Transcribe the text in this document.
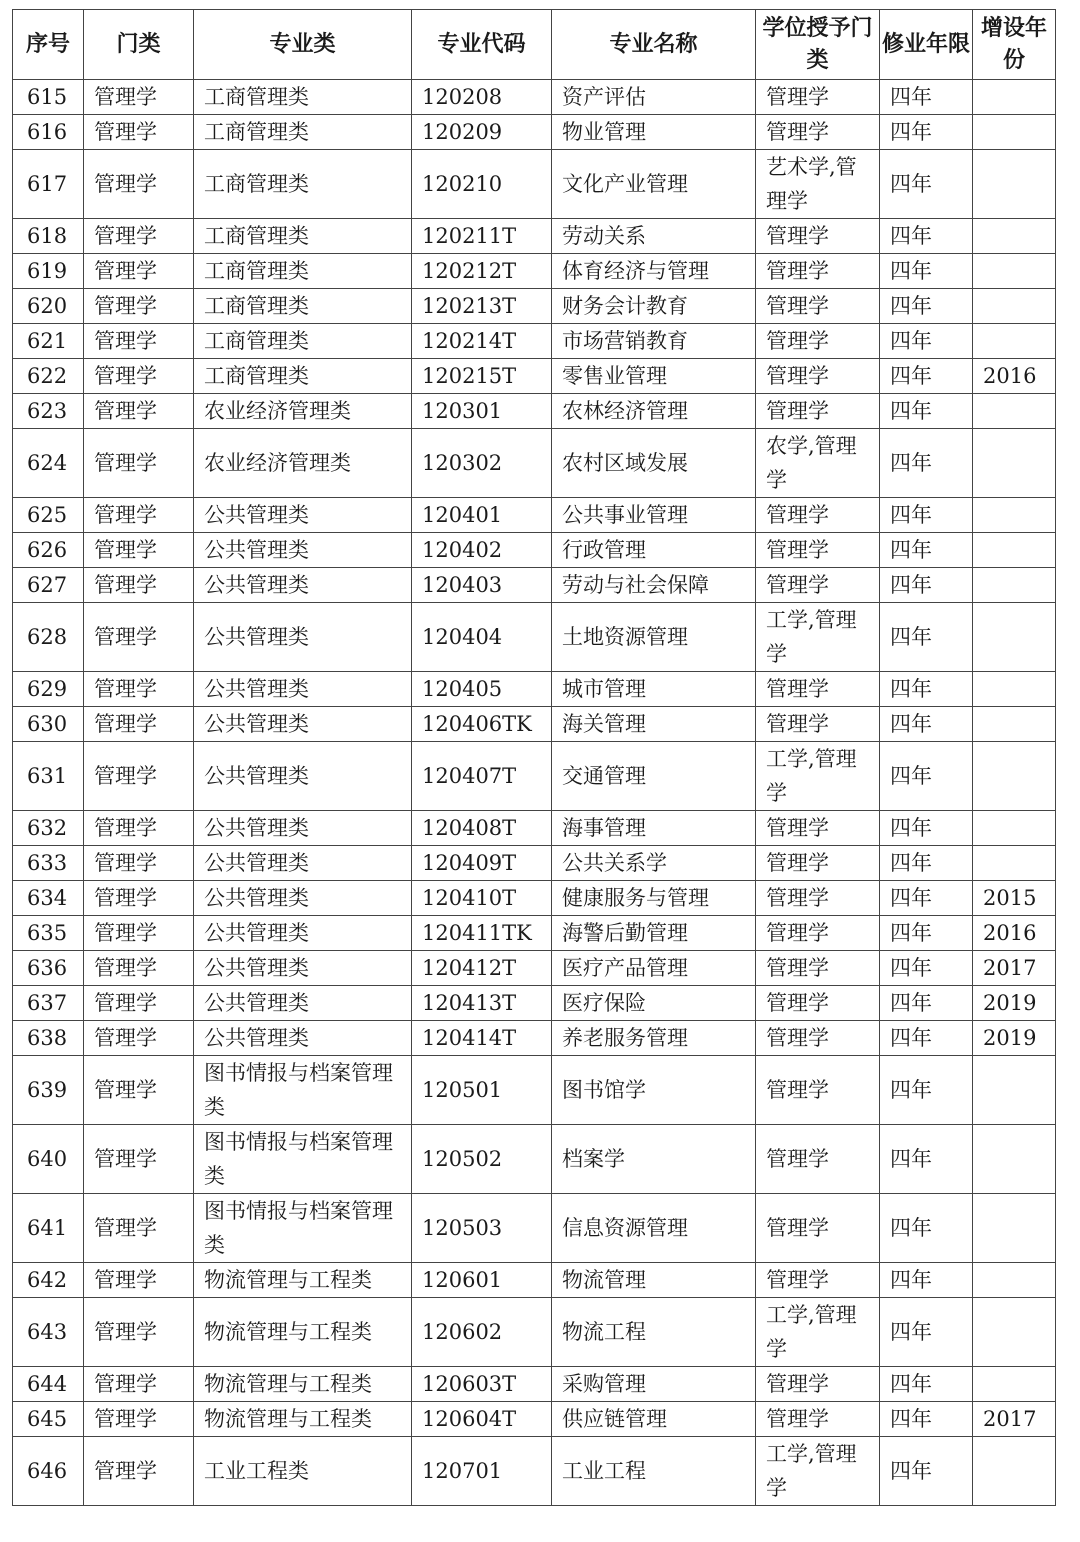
序号	门类	专业类	专业代码	专业名称	学位授予门类	修业年限	增设年份
615	管理学	工商管理类	120208	资产评估	管理学	四年	
616	管理学	工商管理类	120209	物业管理	管理学	四年	
617	管理学	工商管理类	120210	文化产业管理	艺术学,管理学	四年	
618	管理学	工商管理类	120211T	劳动关系	管理学	四年	
619	管理学	工商管理类	120212T	体育经济与管理	管理学	四年	
620	管理学	工商管理类	120213T	财务会计教育	管理学	四年	
621	管理学	工商管理类	120214T	市场营销教育	管理学	四年	
622	管理学	工商管理类	120215T	零售业管理	管理学	四年	2016
623	管理学	农业经济管理类	120301	农林经济管理	管理学	四年	
624	管理学	农业经济管理类	120302	农村区域发展	农学,管理学	四年	
625	管理学	公共管理类	120401	公共事业管理	管理学	四年	
626	管理学	公共管理类	120402	行政管理	管理学	四年	
627	管理学	公共管理类	120403	劳动与社会保障	管理学	四年	
628	管理学	公共管理类	120404	土地资源管理	工学,管理学	四年	
629	管理学	公共管理类	120405	城市管理	管理学	四年	
630	管理学	公共管理类	120406TK	海关管理	管理学	四年	
631	管理学	公共管理类	120407T	交通管理	工学,管理学	四年	
632	管理学	公共管理类	120408T	海事管理	管理学	四年	
633	管理学	公共管理类	120409T	公共关系学	管理学	四年	
634	管理学	公共管理类	120410T	健康服务与管理	管理学	四年	2015
635	管理学	公共管理类	120411TK	海警后勤管理	管理学	四年	2016
636	管理学	公共管理类	120412T	医疗产品管理	管理学	四年	2017
637	管理学	公共管理类	120413T	医疗保险	管理学	四年	2019
638	管理学	公共管理类	120414T	养老服务管理	管理学	四年	2019
639	管理学	图书情报与档案管理类	120501	图书馆学	管理学	四年	
640	管理学	图书情报与档案管理类	120502	档案学	管理学	四年	
641	管理学	图书情报与档案管理类	120503	信息资源管理	管理学	四年	
642	管理学	物流管理与工程类	120601	物流管理	管理学	四年	
643	管理学	物流管理与工程类	120602	物流工程	工学,管理学	四年	
644	管理学	物流管理与工程类	120603T	采购管理	管理学	四年	
645	管理学	物流管理与工程类	120604T	供应链管理	管理学	四年	2017
646	管理学	工业工程类	120701	工业工程	工学,管理学	四年	
